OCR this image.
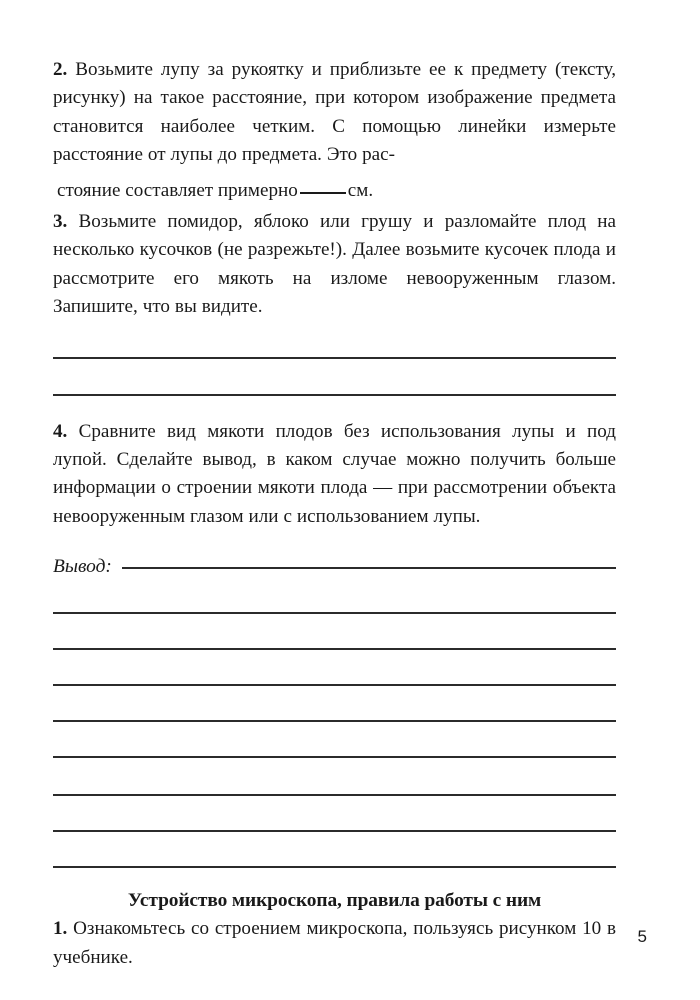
2. Возьмите лупу за рукоятку и приблизьте ее к предмету (тексту, рисунку) на такое расстояние, при котором изображение предмета становится наиболее четким. С помощью линейки измерьте расстояние от лупы до предмета. Это рас-

стояние составляет примерно	см.

3. Возьмите помидор, яблоко или грушу и разломайте плод на несколько кусочков (не разрежьте!). Далее возьмите кусочек плода и рассмотрите его мякоть на изломе невооруженным глазом. Запишите, что вы видите.

4. Сравните вид мякоти плодов без использования лупы и под лупой. Сделайте вывод, в каком случае можно получить больше информации о строении мякоти плода — при рассмотрении объекта невооруженным глазом или с использованием лупы.

Вывод:
Устройство микроскопа, правила работы с ним

1. Ознакомьтесь со строением микроскопа, пользуясь рисунком 10 в учебнике.

5
